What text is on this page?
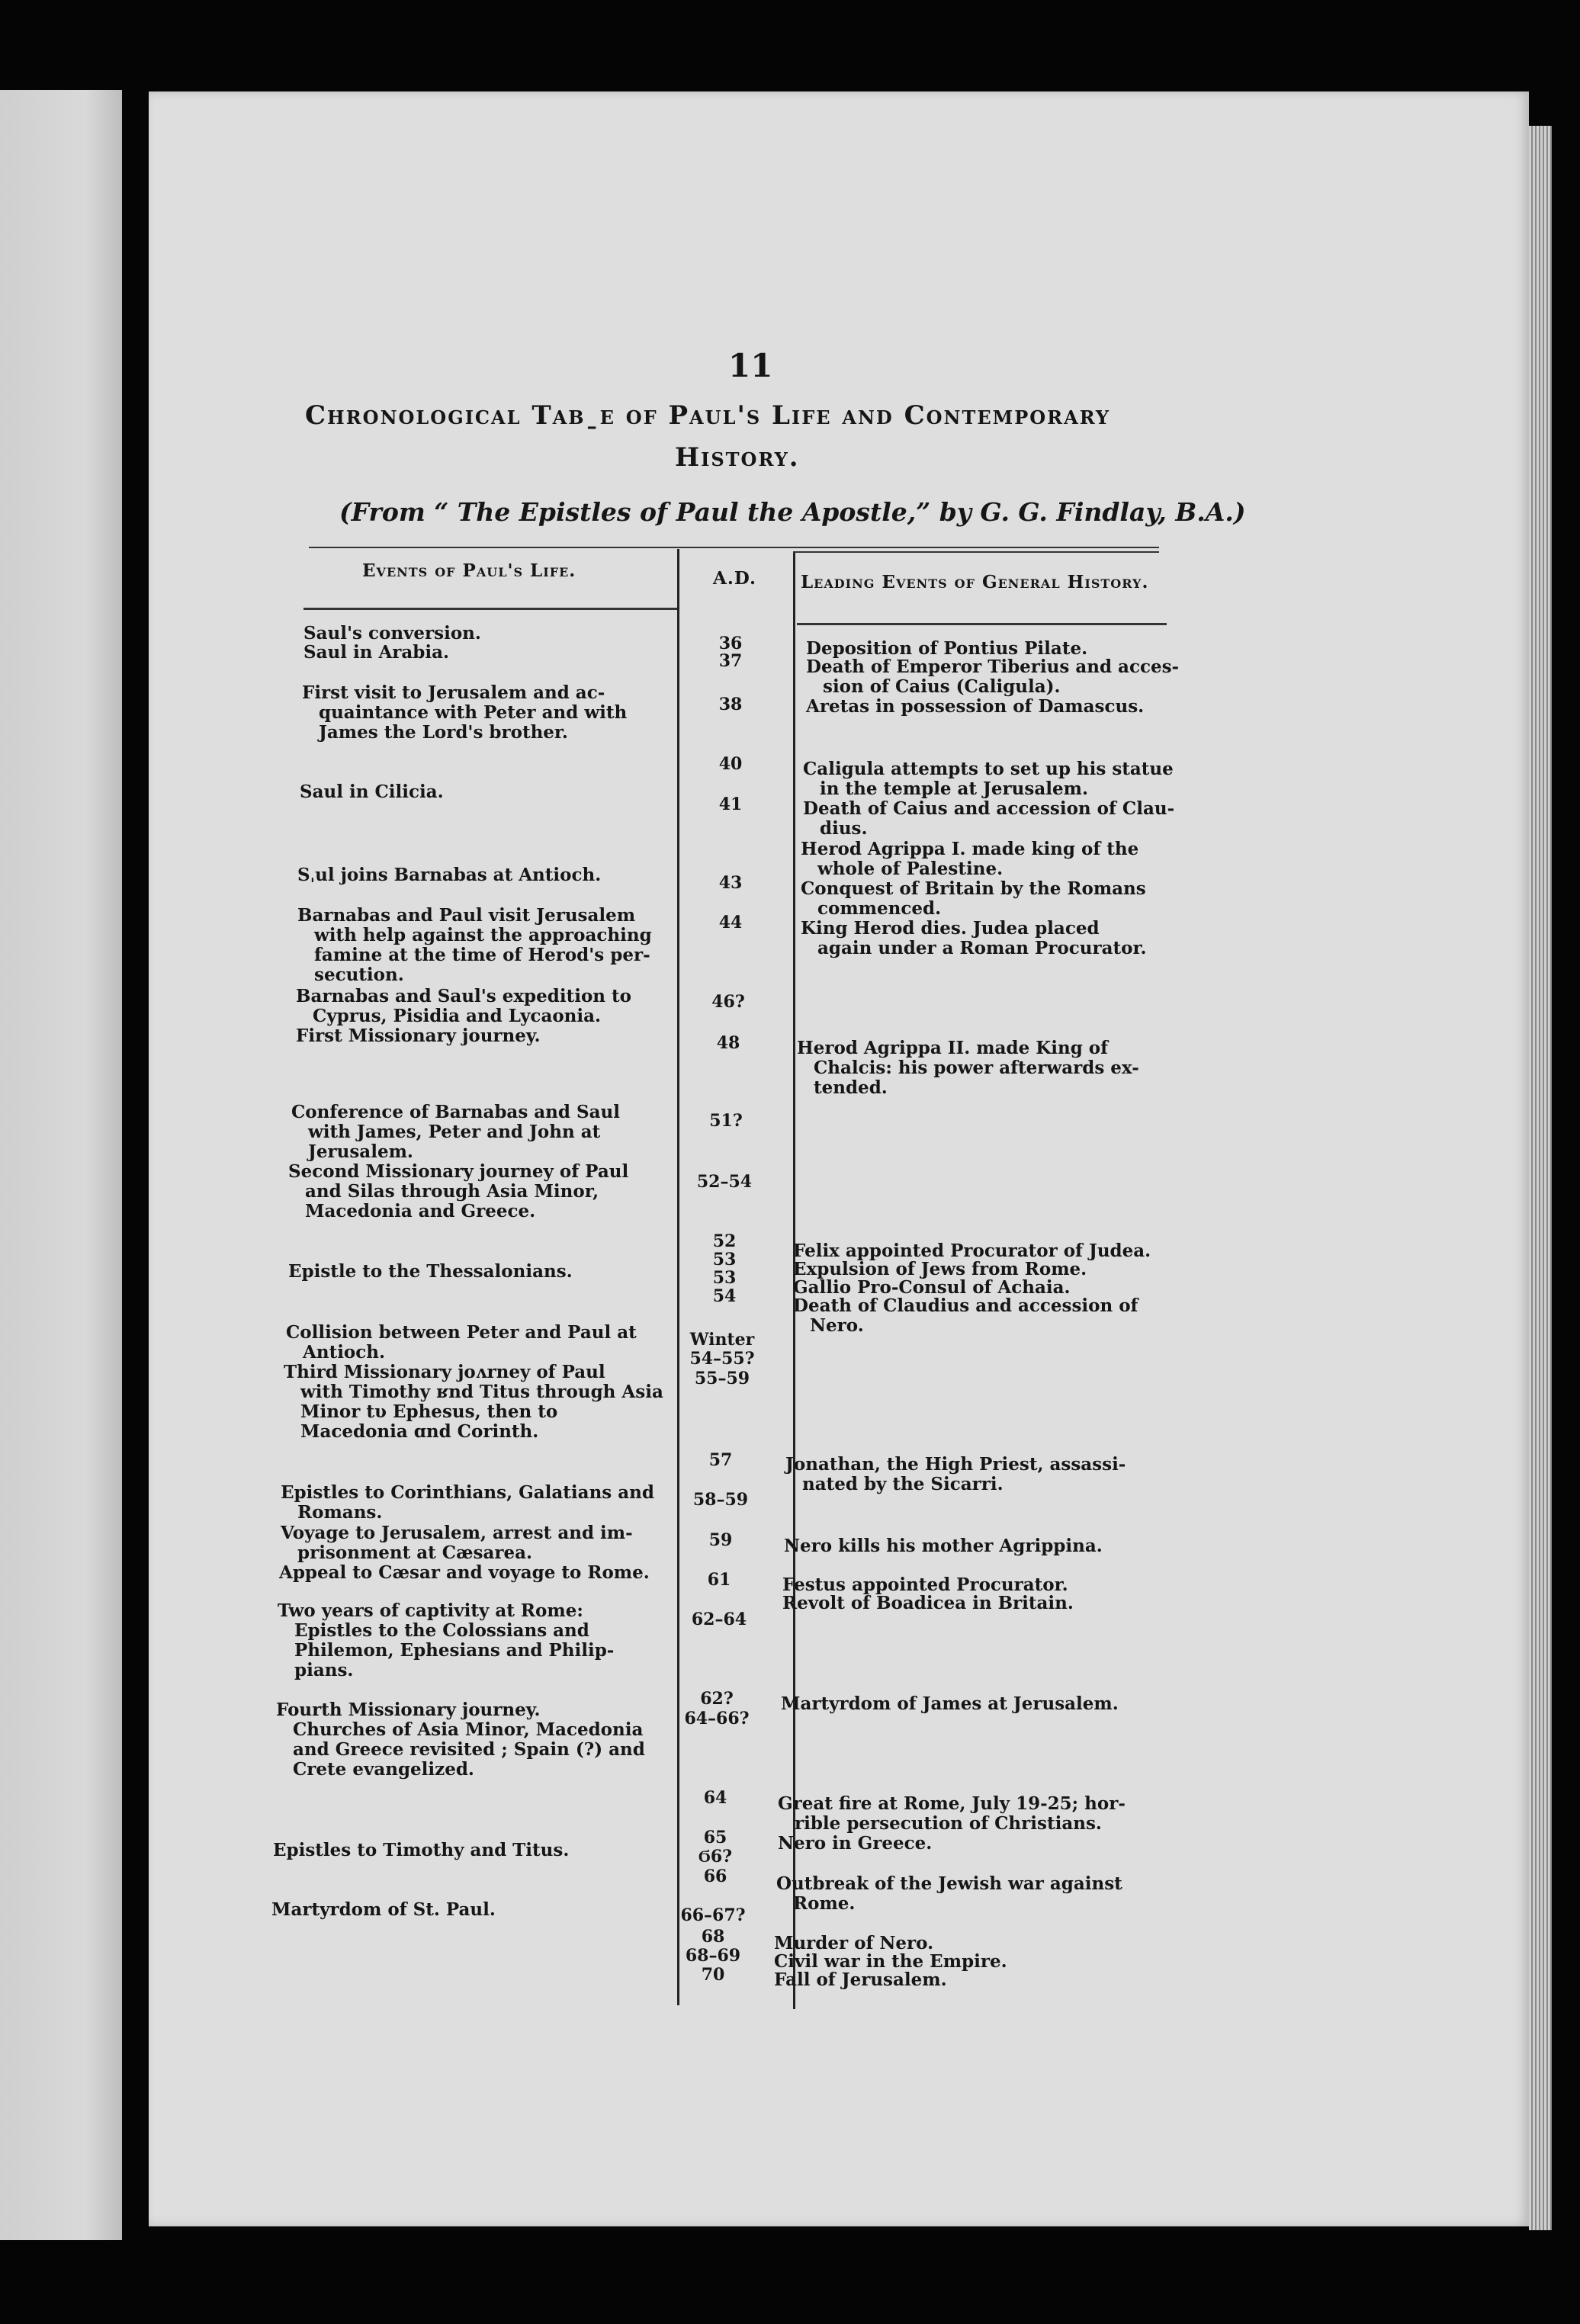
11
Chronological Tabˍe of Paul's Life and Contemporary
History.
(From “ The Epistles of Paul the Apostle,” by G. G. Findlay, B.A.)
Events of Paul's Life.	A.D.	Leading Events of General History.
Saul's conversion.
Saul in Arabia.
First visit to Jerusalem and ac-
quaintance with Peter and with James the Lord's brother.
Saul in Cilicia.
Sˌul joins Barnabas at Antioch.
Barnabas and Paul visit Jerusalem
with help against the approaching famine at the time of Herod's per- secution.
Barnabas and Saul's expedition to
Cyprus, Pisidia and Lycaonia.
First Missionary journey.
Conference of Barnabas and Saul
with James, Peter and John at Jeruѕalem.
Second Missionary journey of Paul
and Silas through Asia Minor, Macedonia and Greece.
Epistle to the Thessalonians.
Collision between Peter and Paul at
Antioch.
Third Missionary joʌrney of Paul
with Timothy ʁnd Titus through Asia Minor tυ Ephesus, then to Macedonia ɑnd Corinth.
Epistles to Corinthians, Galatians and
Romans.
Voyage to Jerusalem, arrest and im-
prisonment at Cæsarea.
Appeal to Cæsar and voyage to Rome.
Two years of captivity at Rome:
Epistles to the Colossians and Philemon, Ephesians and Philip- pians.
Fourth Missionary journey.
Churches of Asia Minor, Macedonia and Greece revisited ; Spain (?) and Crete evangelized.
Epistles to Timothy and Titus.
Martyrdom of St. Paul.
36
37
38
40
41
43
44
46?
48
51?
52–54
52
53
53
54
Winter
54–55?
55–59
57
58–59
59
61
62–64
62?
64–66?
64
65
Ϭ6?
66
66–67?
68
68–69
70
Deposition of Pontius Pilate.
Death of Emperor Tiberius and acces-
sion of Caius (Caligula).
Aretas in possession of Damascus.
Caligula attempts to set up his statue
in the temple at Jerusalem.
Death of Caius and accession of Clau-
dius.
Herod Agrippa I. made king of the
whole of Palestine.
Conquest of Britain by the Romans
commenced.
King Herod dies. Judea placed
again under a Roman Procurator.
Herod Agrippa II. made King of
Chalcis: his power afterwards ex- tended.
Felix appointed Procurator of Judea.
Expulsion of Jews from Rome.
Gallio Pro-Consul of Achaia.
Death of Claudius and accession of
Nero.
Jonathan, the High Priest, assassi-
nated by the Sicarri.
Nero kills his mother Agrippina.
Festus appointed Procurator.
Revolt of Boadicea in Britain.
Martyrdom of James at Jerusalem.
Great fire at Rome, July 19-25; hor-
rible persecution of Christians.
Nero in Greece.
Outbreak of the Jewish war against
Rome.
Murder of Nero.
Civil war in the Empire.
Fall of Jerusalem.
